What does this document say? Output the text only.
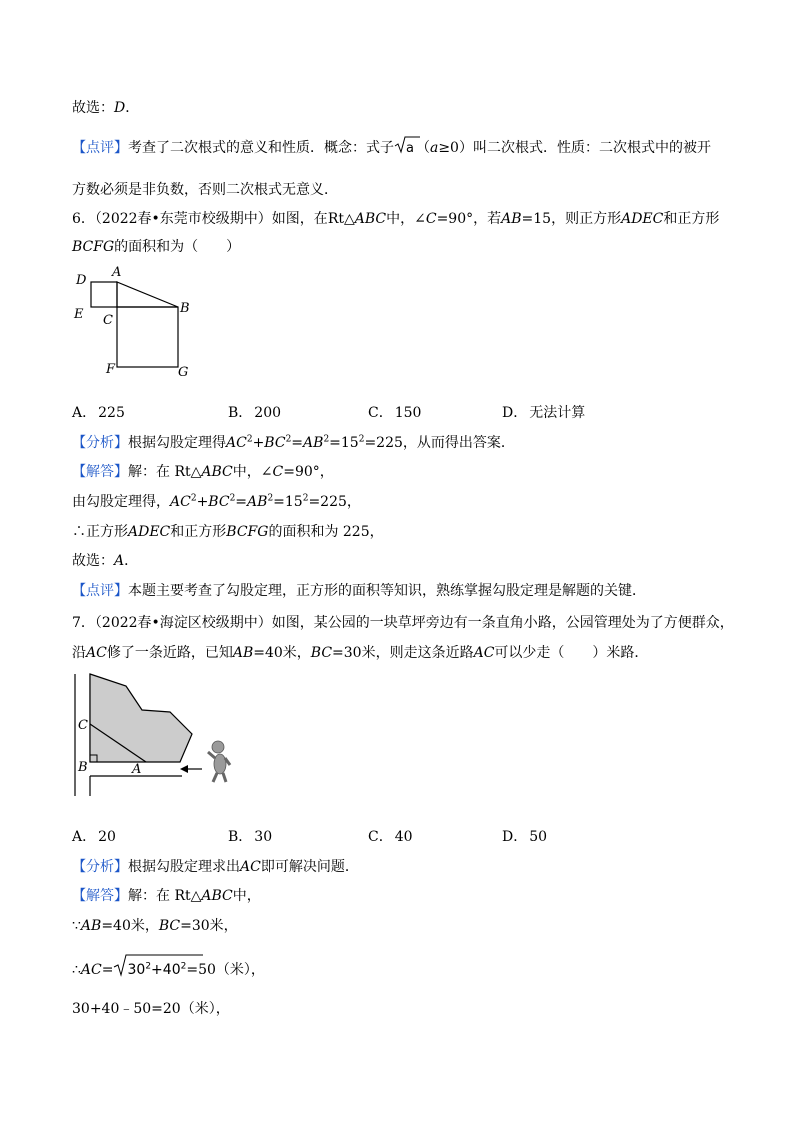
故选：D．
【点评】考查了二次根式的意义和性质．概念：式子 a （a≥0）叫二次根式．性质：二次根式中的被开
方数必须是非负数，否则二次根式无意义．
6．（2022春•东莞市校级期中）如图，在Rt△ABC中，∠C=90°，若AB=15，则正方形ADEC和正方形
BCFG的面积和为（　　）
D
A
B
E C
F	G
A． 225	B． 200	C． 150	D． 无法计算
【分析】根据勾股定理得$AC^2+BC^2=AB^2=15^2=225$，从而得出答案．
【解答】解：在 Rt△ABC中，∠C=90°，
由勾股定理得，$AC^2+BC^2=AB^2=15^2=225$，
∴正方形ADEC和正方形BCFG的面积和为 225，
故选：A．
【点评】本题主要考查了勾股定理，正方形的面积等知识，熟练掌握勾股定理是解题的关键．
7．（2022春•海淀区校级期中）如图，某公园的一块草坪旁边有一条直角小路，公园管理处为了方便群众，
沿AC修了一条近路，已知AB=40米，BC=30米，则走这条近路AC可以少走（　　）米路．
C
B	A
A． 20	B． 30	C． 40	D． 50
【分析】根据勾股定理求出AC即可解决问题．
【解答】解：在 Rt△ABC中，
∵AB=40米，BC=30米，
∴AC= $30^2+40^2=50$（米），
30+40﹣50=20（米），
